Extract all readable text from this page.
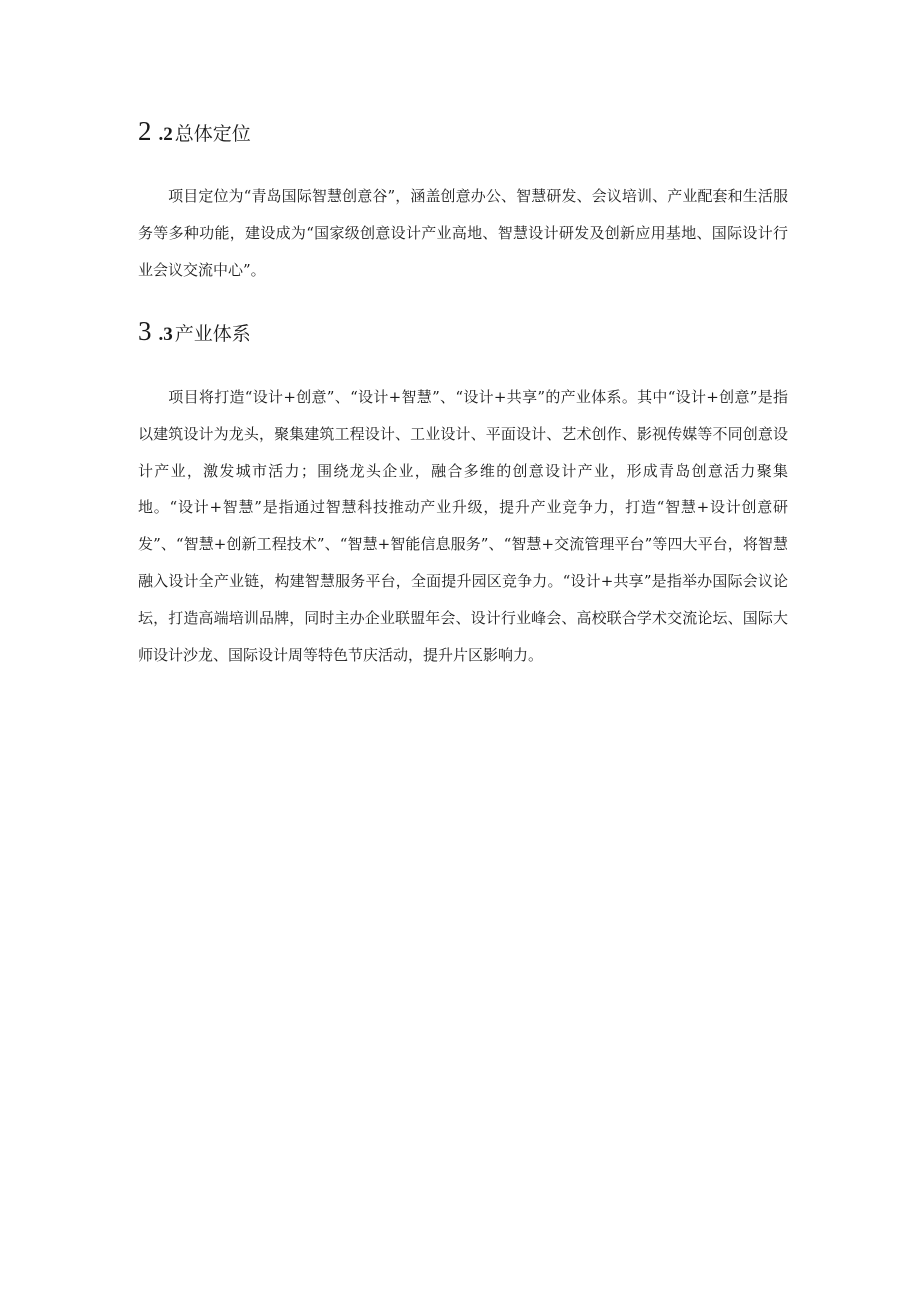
2 .2 总体定位

项目定位为“青岛国际智慧创意谷”，涵盖创意办公、智慧研发、会议培训、产业配套和生活服务等多种功能，建设成为“国家级创意设计产业高地、智慧设计研发及创新应用基地、国际设计行业会议交流中心”。

3 .3 产业体系

项目将打造“设计+创意”、“设计+智慧”、“设计+共享”的产业体系。其中“设计+创意”是指以建筑设计为龙头，聚集建筑工程设计、工业设计、平面设计、艺术创作、影视传媒等不同创意设计产业，激发城市活力；围绕龙头企业，融合多维的创意设计产业，形成青岛创意活力聚集地。“设计+智慧”是指通过智慧科技推动产业升级，提升产业竞争力，打造“智慧+设计创意研发”、“智慧+创新工程技术”、“智慧+智能信息服务”、“智慧+交流管理平台”等四大平台，将智慧融入设计全产业链，构建智慧服务平台，全面提升园区竞争力。“设计+共享”是指举办国际会议论坛，打造高端培训品牌，同时主办企业联盟年会、设计行业峰会、高校联合学术交流论坛、国际大师设计沙龙、国际设计周等特色节庆活动，提升片区影响力。
